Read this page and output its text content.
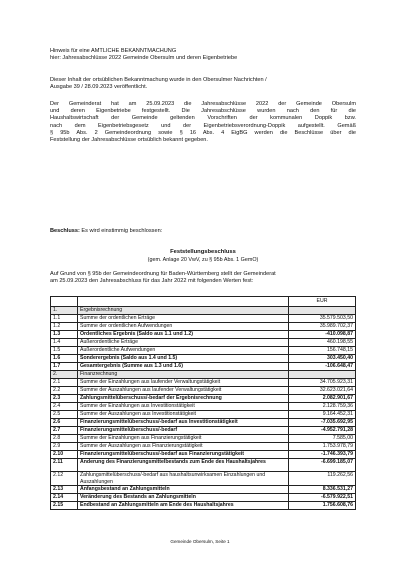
Hinweis für eine AMTLICHE BEKANNTMACHUNG
hier: Jahresabschlüsse 2022 Gemeinde Obersulm und deren Eigenbetriebe
Dieser Inhalt der ortsüblichen Bekanntmachung wurde in den Obersulmer Nachrichten /
Ausgabe 39 / 28.09.2023 veröffentlicht.
Der Gemeinderat hat am 25.09.2023 die Jahresabschlüsse 2022 der Gemeinde Obersulm
und deren Eigenbetriebe festgestellt. Die Jahresabschlüsse wurden nach den für die
Haushaltswirtschaft der Gemeinde geltenden Vorschriften der kommunalen Doppik bzw.
nach dem Eigenbetriebsgesetz und der Eigenbetriebsverordnung-Doppik aufgestellt. Gemäß
§ 95b Abs. 2 Gemeindeordnung sowie § 16 Abs. 4 EigBG werden die Beschlüsse über die
Feststellung der Jahresabschlüsse ortsüblich bekannt gegeben.
Beschluss: Es wird einstimmig beschlossen:
Feststellungsbeschluss
(gem. Anlage 20 VwV, zu § 95b Abs. 1 GemO)
Auf Grund von § 95b der Gemeindeordnung für Baden-Württemberg stellt der Gemeinderat
am 25.09.2023 den Jahresabschluss für das Jahr 2022 mit folgenden Werten fest:
		EUR
1.	Ergebnisrechnung	
1.1	Summe der ordentlichen Erträge	35.579.503,50
1.2	Summe der ordentlichen Aufwendungen	35.989.702,37
1.3	Ordentliches Ergebnis (Saldo aus 1.1 und 1.2)	-410.098,87
1.4	Außerordentliche Erträge	460.198,55
1.5	Außerordentliche Aufwendungen	156.748,15
1.6	Sonderergebnis (Saldo aus 1.4 und 1.5)	303.450,40
1.7	Gesamtergebnis (Summe aus 1.3 und 1.6)	-106.648,47
2.	Finanzrechnung	
2.1	Summe der Einzahlungen aus laufender Verwaltungstätigkeit	34.705.923,31
2.2	Summe der Auszahlungen aus laufender Verwaltungstätigkeit	32.623.021,64
2.3	Zahlungsmittelüberschuss/-bedarf der Ergebnisrechnung	2.082.901,67
2.4	Summe der Einzahlungen aus Investitionstätigkeit	2.128.759,36
2.5	Summe der Auszahlungen aus Investitionstätigkeit	9.164.452,31
2.6	Finanzierungsmittelüberschuss/-bedarf aus Investitionstätigkeit	-7.035.692,95
2.7	Finanzierungsmittelüberschuss/-bedarf	-4.952.791,28
2.8	Summe der Einzahlungen aus Finanzierungstätigkeit	7.585,00
2.9	Summe der Auszahlungen aus Finanzierungstätigkeit	1.753.978,79
2.10	Finanzierungsmittelüberschuss/-bedarf aus Finanzierungstätigkeit	-1.746.393,79
2.11	Änderung des Finanzierungsmittelbestands zum Ende des Haushaltsjahres	-6.699.185,07
2.12	Zahlungsmittelüberschuss/-bedarf aus haushaltsunwirksamen Einzahlungen und Auszahlungen	119.262,56
2.13	Anfangsbestand an Zahlungsmitteln	8.336.531,27
2.14	Veränderung des Bestands an Zahlungsmitteln	-6.579.922,51
2.15	Endbestand an Zahlungsmitteln am Ende des Haushaltsjahres	1.756.608,76
Gemeinde Obersulm, Seite 1
